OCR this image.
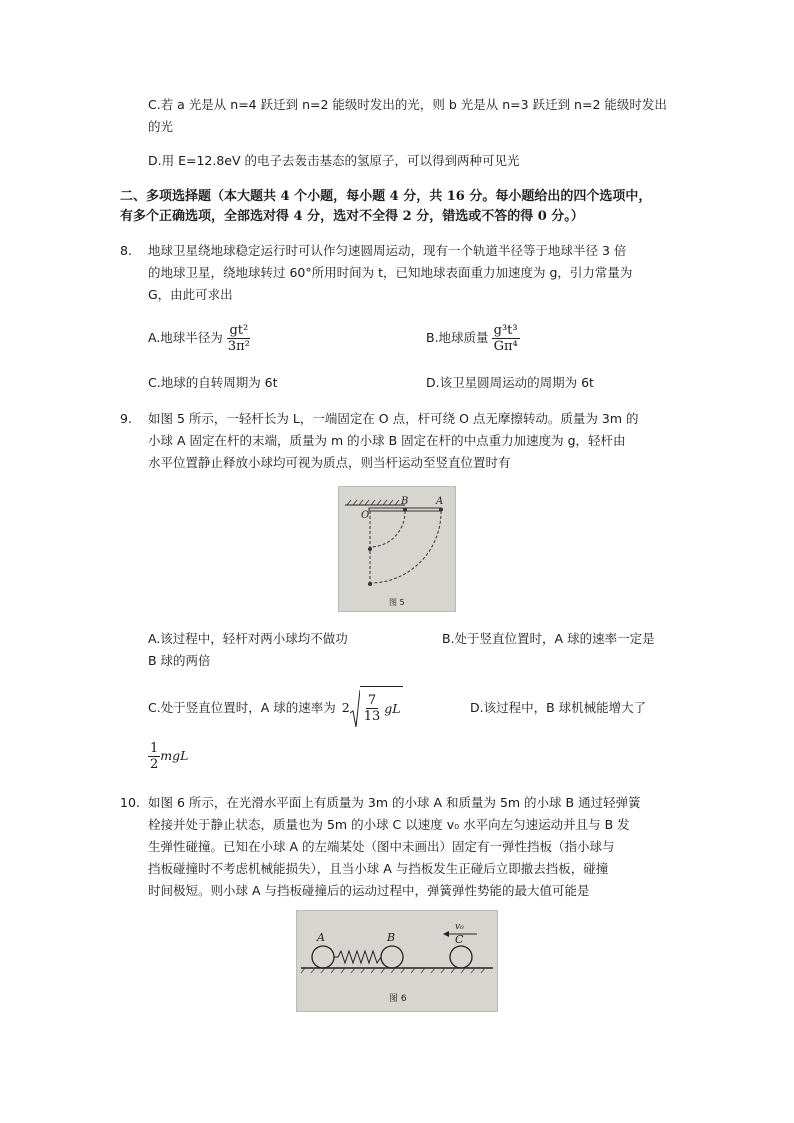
C.若 a 光是从 n=4 跃迁到 n=2 能级时发出的光，则 b 光是从 n=3 跃迁到 n=2 能级时发出
的光
D.用 E=12.8eV 的电子去轰击基态的氢原子，可以得到两种可见光
二、多项选择题（本大题共 4 个小题，每小题 4 分，共 16 分。每小题给出的四个选项中，
有多个正确选项，全部选对得 4 分，选对不全得 2 分，错选或不答的得 0 分。）
8. 地球卫星绕地球稳定运行时可认作匀速圆周运动，现有一个轨道半径等于地球半径 3 倍
的地球卫星，绕地球转过 60°所用时间为 t，已知地球表面重力加速度为 g，引力常量为
G，由此可求出
A.地球半径为 $\frac{\text{gt²}}{\text{3π²}}$	B.地球质量 $\frac{\text{g³t³}}{\text{Gπ⁴}}$
C.地球的自转周期为 6t	D.该卫星圆周运动的周期为 6t
9. 如图 5 所示，一轻杆长为 L，一端固定在 O 点，杆可绕 O 点无摩擦转动。质量为 3m 的
小球 A 固定在杆的末端，质量为 m 的小球 B 固定在杆的中点重力加速度为 g，轻杆由
水平位置静止释放小球均可视为质点，则当杆运动至竖直位置时有
O
B	A
图 5
A.该过程中，轻杆对两小球均不做功	B.处于竖直位置时，A 球的速率一定是
B 球的两倍
C.处于竖直位置时，A 球的速率为 $2 \frac{7}{13}$ gL	D.该过程中，B 球机械能增大了
$\frac{1}{2}$ mgL
10. 如图 6 所示，在光滑水平面上有质量为 3m 的小球 A 和质量为 5m 的小球 B 通过轻弹簧
栓接并处于静止状态，质量也为 5m 的小球 C 以速度 v₀ 水平向左匀速运动并且与 B 发
生弹性碰撞。已知在小球 A 的左端某处（图中未画出）固定有一弹性挡板（指小球与
挡板碰撞时不考虑机械能损失），且当小球 A 与挡板发生正碰后立即撤去挡板，碰撞
时间极短。则小球 A 与挡板碰撞后的运动过程中，弹簧弹性势能的最大值可能是
v₀
A	B	C
图 6
